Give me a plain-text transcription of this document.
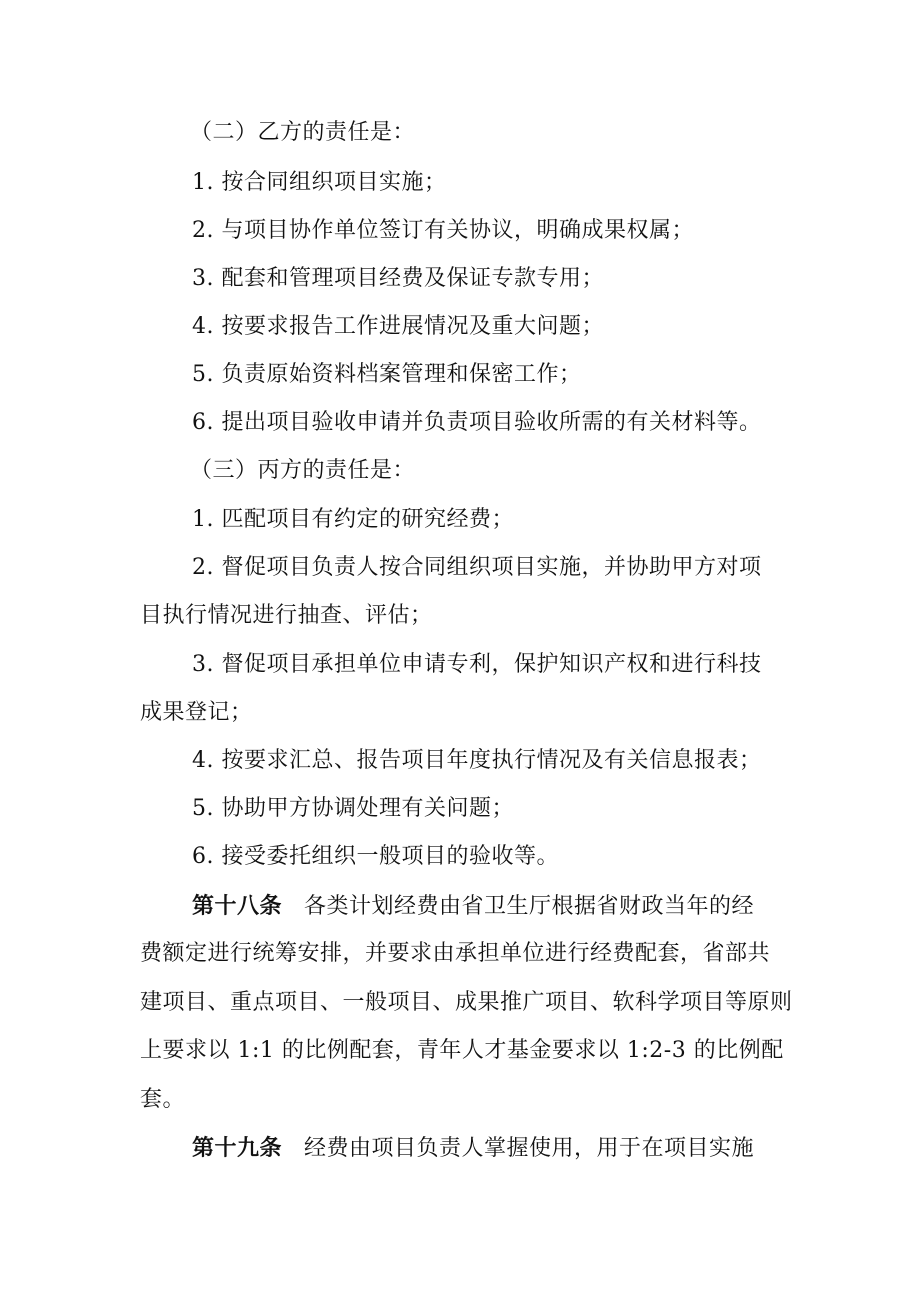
（二）乙方的责任是：
1. 按合同组织项目实施；
2. 与项目协作单位签订有关协议，明确成果权属；
3. 配套和管理项目经费及保证专款专用；
4. 按要求报告工作进展情况及重大问题；
5. 负责原始资料档案管理和保密工作；
6. 提出项目验收申请并负责项目验收所需的有关材料等。
（三）丙方的责任是：
1. 匹配项目有约定的研究经费；
2. 督促项目负责人按合同组织项目实施，并协助甲方对项
目执行情况进行抽查、评估；
3. 督促项目承担单位申请专利，保护知识产权和进行科技
成果登记；
4. 按要求汇总、报告项目年度执行情况及有关信息报表；
5. 协助甲方协调处理有关问题；
6. 接受委托组织一般项目的验收等。
第十八条 各类计划经费由省卫生厅根据省财政当年的经
费额定进行统筹安排，并要求由承担单位进行经费配套，省部共
建项目、重点项目、一般项目、成果推广项目、软科学项目等原则
上要求以 1:1 的比例配套，青年人才基金要求以 1:2-3 的比例配
套。
第十九条 经费由项目负责人掌握使用，用于在项目实施
